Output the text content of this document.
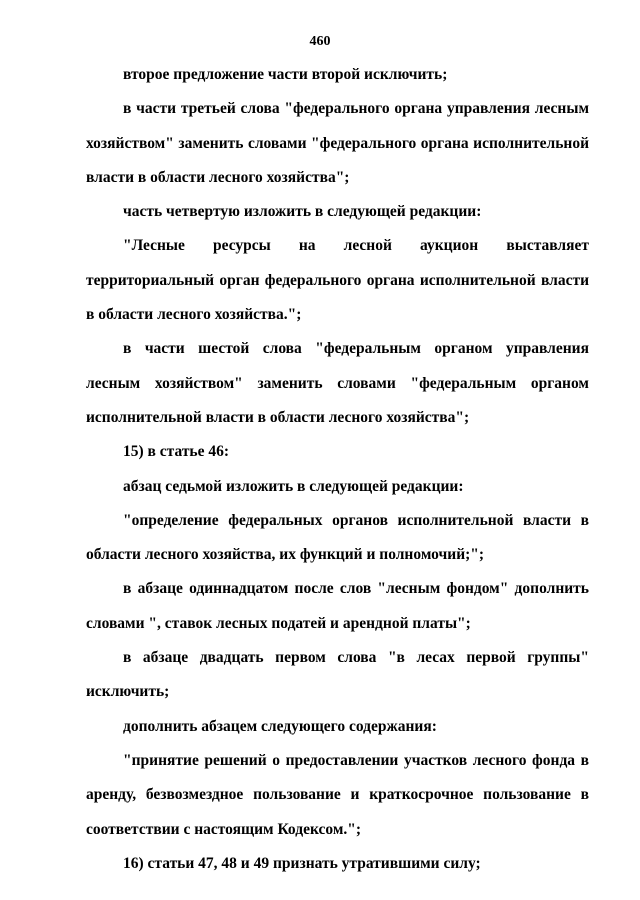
460

второе предложение части второй исключить;

в части третьей слова "федерального органа управления лесным хозяйством" заменить словами "федерального органа исполнительной власти в области лесного хозяйства";

часть четвертую изложить в следующей редакции:

"Лесные ресурсы на лесной аукцион выставляет территориальный орган федерального органа исполнительной власти в области лесного хозяйства.";

в части шестой слова "федеральным органом управления лесным хозяйством" заменить словами "федеральным органом исполнительной власти в области лесного хозяйства";

15) в статье 46:

абзац седьмой изложить в следующей редакции:

"определение федеральных органов исполнительной власти в области лесного хозяйства, их функций и полномочий;";

в абзаце одиннадцатом после слов "лесным фондом" дополнить словами ", ставок лесных податей и арендной платы";

в абзаце двадцать первом слова "в лесах первой группы" исключить;

дополнить абзацем следующего содержания:

"принятие решений о предоставлении участков лесного фонда в аренду, безвозмездное пользование и краткосрочное пользование в соответствии с настоящим Кодексом.";

16) статьи 47, 48 и 49 признать утратившими силу;
